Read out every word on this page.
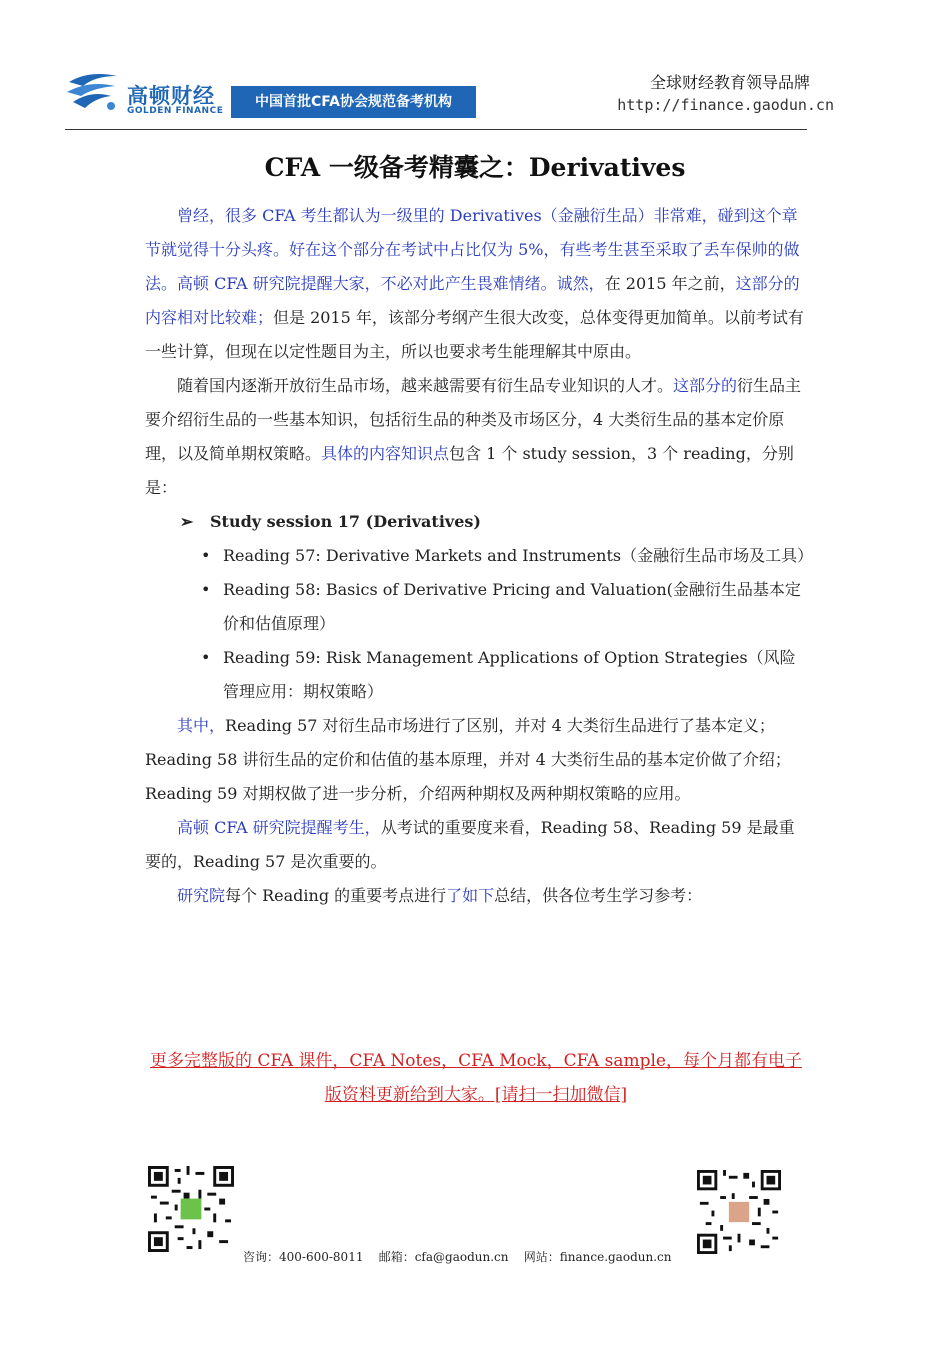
高顿财经
GOLDEN FINANCE
中国首批CFA协会规范备考机构
全球财经教育领导品牌
http://finance.gaodun.cn
CFA 一级备考精囊之：Derivatives

曾经，很多 CFA 考生都认为一级里的 Derivatives（金融衍生品）非常难，碰到这个章节就觉得十分头疼。好在这个部分在考试中占比仅为 5%，有些考生甚至采取了丢车保帅的做法。高顿 CFA 研究院提醒大家，不必对此产生畏难情绪。诚然，在 2015 年之前，这部分的内容相对比较难；但是 2015 年，该部分考纲产生很大改变，总体变得更加简单。以前考试有一些计算，但现在以定性题目为主，所以也要求考生能理解其中原由。

随着国内逐渐开放衍生品市场，越来越需要有衍生品专业知识的人才。这部分的衍生品主要介绍衍生品的一些基本知识，包括衍生品的种类及市场区分，4 大类衍生品的基本定价原理，以及简单期权策略。具体的内容知识点包含 1 个 study session，3 个 reading，分别是：

➢ Study session 17 (Derivatives)
• Reading 57: Derivative Markets and Instruments（金融衍生品市场及工具）
• Reading 58: Basics of Derivative Pricing and Valuation(金融衍生品基本定价和估值原理）
• Reading 59: Risk Management Applications of Option Strategies（风险管理应用：期权策略）

其中，Reading 57 对衍生品市场进行了区别，并对 4 大类衍生品进行了基本定义；Reading 58 讲衍生品的定价和估值的基本原理，并对 4 大类衍生品的基本定价做了介绍；Reading 59 对期权做了进一步分析，介绍两种期权及两种期权策略的应用。

高顿 CFA 研究院提醒考生，从考试的重要度来看，Reading 58、Reading 59 是最重要的，Reading 57 是次重要的。

研究院每个 Reading 的重要考点进行了如下总结，供各位考生学习参考：

更多完整版的 CFA 课件，CFA Notes，CFA Mock，CFA sample，每个月都有电子版资料更新给到大家。[请扫一扫加微信]
咨询：400-600-8011    邮箱：cfa@gaodun.cn    网站：finance.gaodun.cn
